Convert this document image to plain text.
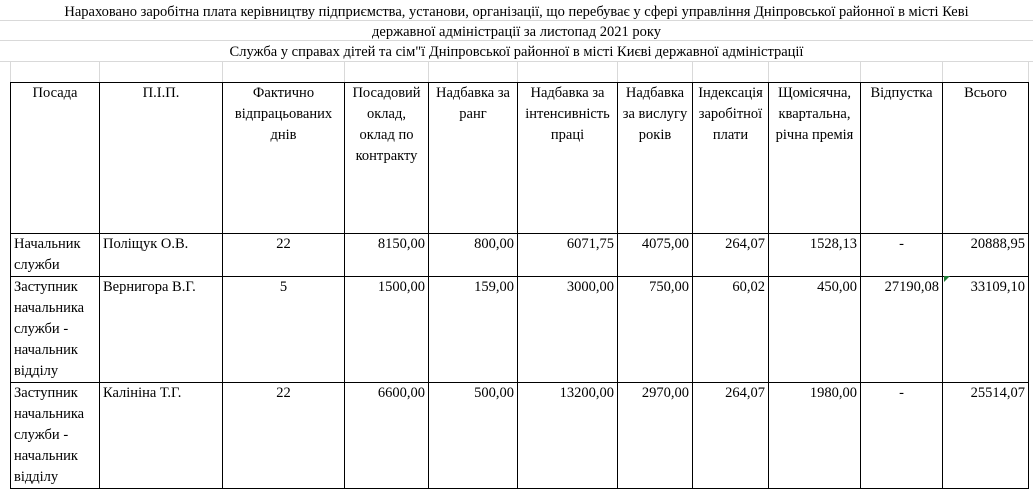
Нараховано заробітна плата керівництву підприємства, установи, організації, що перебуває у сфері управління Дніпровської районної в місті Кеві
державної адміністрації за листопад 2021 року
Служба у справах дітей та сім"ї Дніпровської районної в місті Києві державної адміністрації
Посада	П.І.П.	Фактично відпрацьованих днів	Посадовий оклад, оклад по контракту	Надбавка за ранг	Надбавка за інтенсивність праці	Надбавка за вислугу років	Індексація заробітної плати	Щомісячна, квартальна, річна премія	Відпустка	Всього
Начальник служби	Поліщук О.В.	22	8150,00	800,00	6071,75	4075,00	264,07	1528,13	-	20888,95
Заступник начальника служби - начальник відділу	Вернигора В.Г.	5	1500,00	159,00	3000,00	750,00	60,02	450,00	27190,08	33109,10
Заступник начальника служби - начальник відділу	Калініна Т.Г.	22	6600,00	500,00	13200,00	2970,00	264,07	1980,00	-	25514,07
